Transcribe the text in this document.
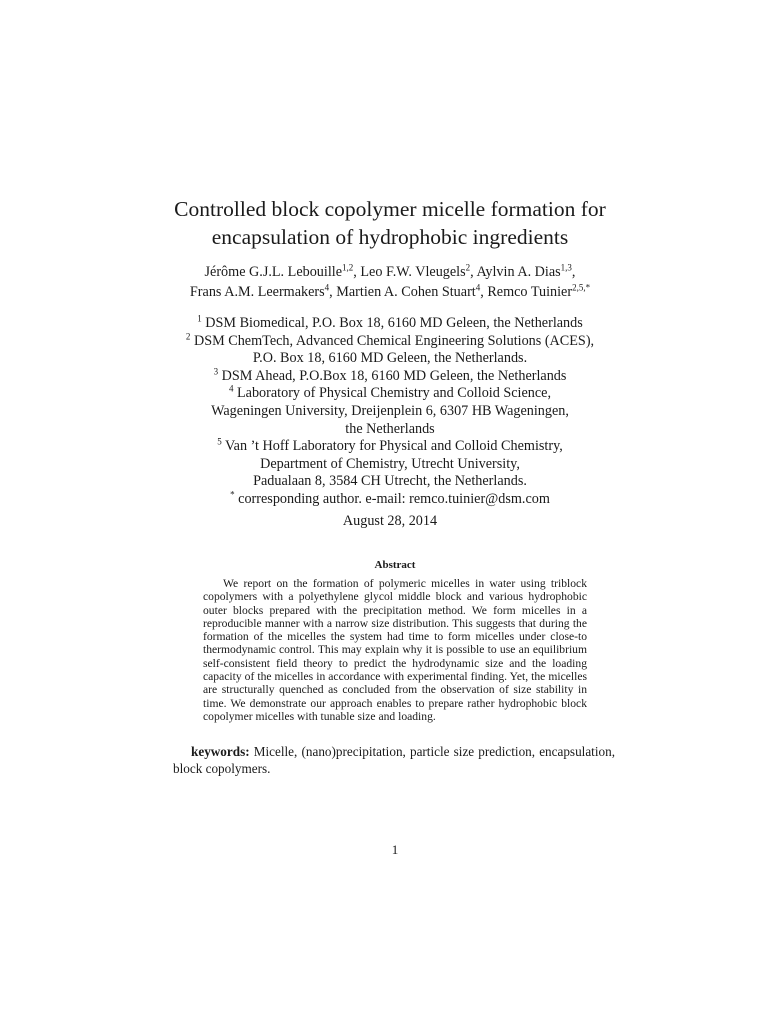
Controlled block copolymer micelle formation for
encapsulation of hydrophobic ingredients
Jérôme G.J.L. Lebouille$^{1,2}$, Leo F.W. Vleugels$^2$, Aylvin A. Dias$^{1,3}$,
Frans A.M. Leermakers$^4$, Martien A. Cohen Stuart$^4$, Remco Tuinier$^{2,5,*}$
$^1$ DSM Biomedical, P.O. Box 18, 6160 MD Geleen, the Netherlands
$^2$ DSM ChemTech, Advanced Chemical Engineering Solutions (ACES),
P.O. Box 18, 6160 MD Geleen, the Netherlands.
$^3$ DSM Ahead, P.O.Box 18, 6160 MD Geleen, the Netherlands
$^4$ Laboratory of Physical Chemistry and Colloid Science,
Wageningen University, Dreijenplein 6, 6307 HB Wageningen,
the Netherlands
$^5$ Van ’t Hoff Laboratory for Physical and Colloid Chemistry,
Department of Chemistry, Utrecht University,
Padualaan 8, 3584 CH Utrecht, the Netherlands.
* corresponding author. e-mail: remco.tuinier@dsm.com
August 28, 2014
Abstract

We report on the formation of polymeric micelles in water using triblock copolymers with a polyethylene glycol middle block and various hydrophobic outer blocks prepared with the precipitation method. We form micelles in a reproducible manner with a narrow size distribution. This suggests that during the formation of the micelles the system had time to form micelles under close-to thermodynamic control. This may explain why it is possible to use an equilibrium self-consistent field theory to predict the hydrodynamic size and the loading capacity of the micelles in accordance with experimental finding. Yet, the micelles are structurally quenched as concluded from the observation of size stability in time. We demonstrate our approach enables to prepare rather hydrophobic block copolymer micelles with tunable size and loading.

keywords: Micelle, (nano)precipitation, particle size prediction, encapsulation, block copolymers.

1
